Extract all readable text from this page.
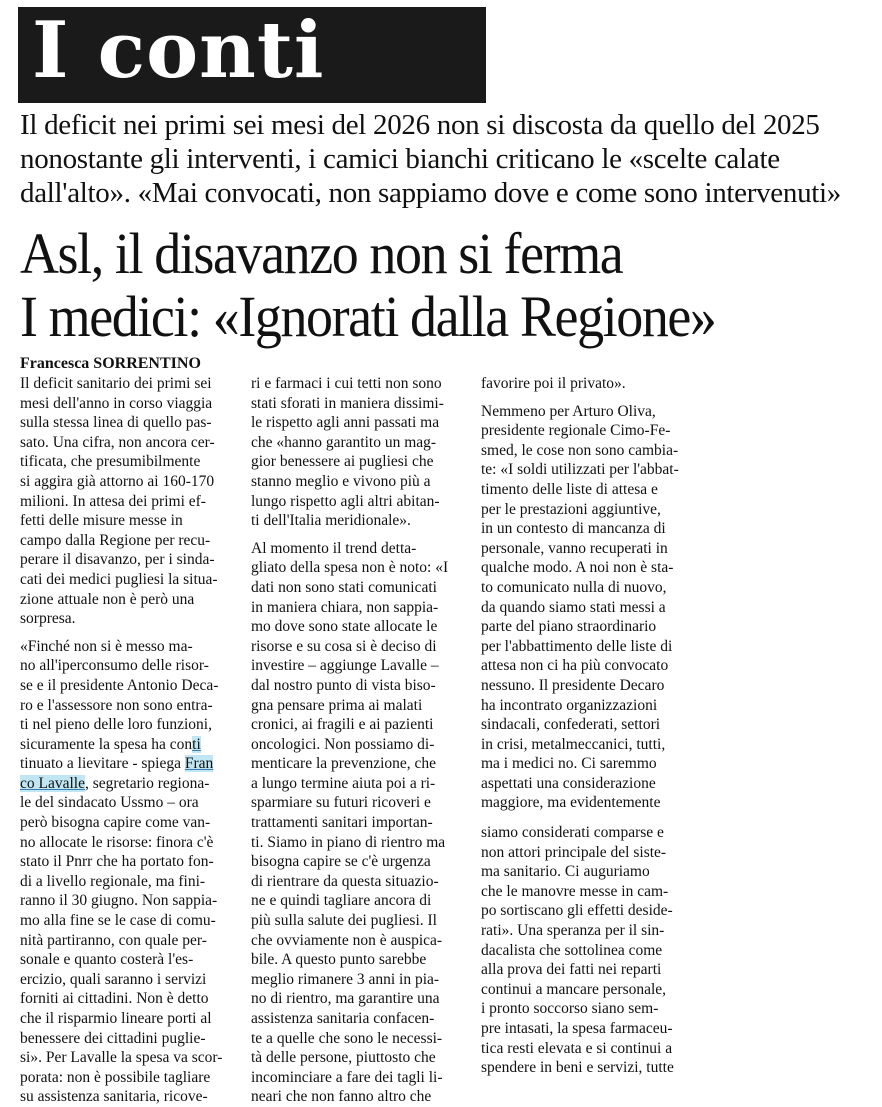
I conti
Il deficit nei primi sei mesi del 2026 non si discosta da quello del 2025
nonostante gli interventi, i camici bianchi criticano le «scelte calate
dall'alto». «Mai convocati, non sappiamo dove e come sono intervenuti»
Asl, il disavanzo non si ferma
I medici: «Ignorati dalla Regione»
Francesca SORRENTINO
Il deficit sanitario dei primi sei
mesi dell'anno in corso viaggia
sulla stessa linea di quello pas-
sato. Una cifra, non ancora cer-
tificata, che presumibilmente
si aggira già attorno ai 160-170
milioni. In attesa dei primi ef-
fetti delle misure messe in
campo dalla Regione per recu-
perare il disavanzo, per i sinda-
cati dei medici pugliesi la situa-
zione attuale non è però una
sorpresa.
«Finché non si è messo ma-
no all'iperconsumo delle risor-
se e il presidente Antonio Deca-
ro e l'assessore non sono entra-
ti nel pieno delle loro funzioni,
sicuramente la spesa ha conti
tinuato a lievitare - spiega Fran
co Lavalle, segretario regiona-
le del sindacato Ussmo – ora
però bisogna capire come van-
no allocate le risorse: finora c'è
stato il Pnrr che ha portato fon-
di a livello regionale, ma fini-
ranno il 30 giugno. Non sappia-
mo alla fine se le case di comu-
nità partiranno, con quale per-
sonale e quanto costerà l'es-
ercizio, quali saranno i servizi
forniti ai cittadini. Non è detto
che il risparmio lineare porti al
benessere dei cittadini puglie-
si». Per Lavalle la spesa va scor-
porata: non è possibile tagliare
su assistenza sanitaria, ricove-
ri e farmaci i cui tetti non sono
stati sforati in maniera dissimi-
le rispetto agli anni passati ma
che «hanno garantito un mag-
gior benessere ai pugliesi che
stanno meglio e vivono più a
lungo rispetto agli altri abitan-
ti dell'Italia meridionale».
Al momento il trend detta-
gliato della spesa non è noto: «I
dati non sono stati comunicati
in maniera chiara, non sappia-
mo dove sono state allocate le
risorse e su cosa si è deciso di
investire – aggiunge Lavalle –
dal nostro punto di vista biso-
gna pensare prima ai malati
cronici, ai fragili e ai pazienti
oncologici. Non possiamo di-
menticare la prevenzione, che
a lungo termine aiuta poi a ri-
sparmiare su futuri ricoveri e
trattamenti sanitari importan-
ti. Siamo in piano di rientro ma
bisogna capire se c'è urgenza
di rientrare da questa situazio-
ne e quindi tagliare ancora di
più sulla salute dei pugliesi. Il
che ovviamente non è auspica-
bile. A questo punto sarebbe
meglio rimanere 3 anni in pia-
no di rientro, ma garantire una
assistenza sanitaria confacen-
te a quelle che sono le necessi-
tà delle persone, piuttosto che
incominciare a fare dei tagli li-
neari che non fanno altro che
favorire poi il privato».
Nemmeno per Arturo Oliva,
presidente regionale Cimo-Fe-
smed, le cose non sono cambia-
te: «I soldi utilizzati per l'abbat-
timento delle liste di attesa e
per le prestazioni aggiuntive,
in un contesto di mancanza di
personale, vanno recuperati in
qualche modo. A noi non è sta-
to comunicato nulla di nuovo,
da quando siamo stati messi a
parte del piano straordinario
per l'abbattimento delle liste di
attesa non ci ha più convocato
nessuno. Il presidente Decaro
ha incontrato organizzazioni
sindacali, confederati, settori
in crisi, metalmeccanici, tutti,
ma i medici no. Ci saremmo
aspettati una considerazione
maggiore, ma evidentemente
siamo considerati comparse e
non attori principale del siste-
ma sanitario. Ci auguriamo
che le manovre messe in cam-
po sortiscano gli effetti deside-
rati». Una speranza per il sin-
dacalista che sottolinea come
alla prova dei fatti nei reparti
continui a mancare personale,
i pronto soccorso siano sem-
pre intasati, la spesa farmaceu-
tica resti elevata e si continui a
spendere in beni e servizi, tutte
